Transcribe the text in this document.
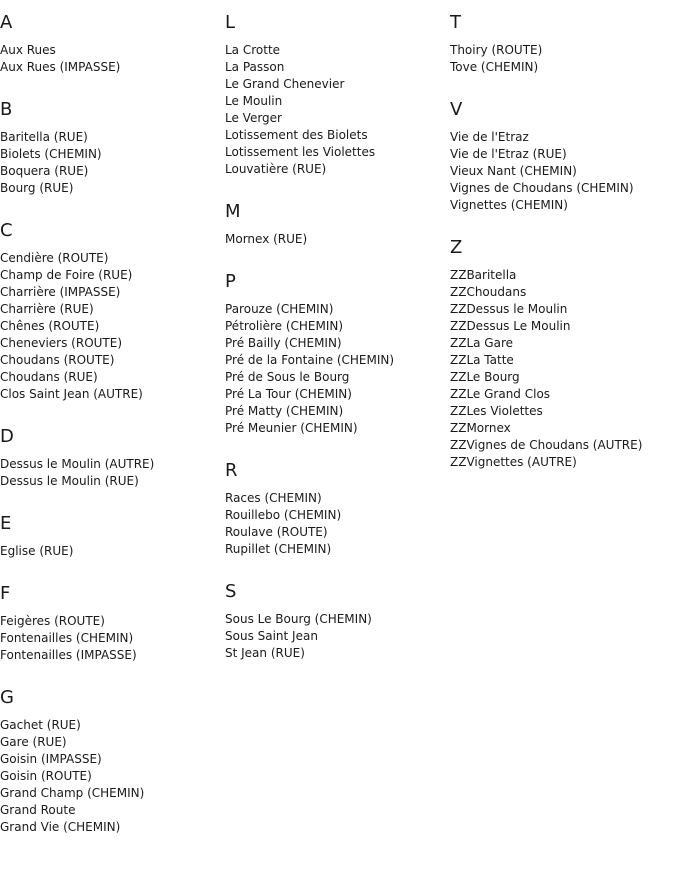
A
Aux Rues
Aux Rues (IMPASSE)
B
Baritella (RUE)
Biolets (CHEMIN)
Boquera (RUE)
Bourg (RUE)
C
Cendière (ROUTE)
Champ de Foire (RUE)
Charrière (IMPASSE)
Charrière (RUE)
Chênes (ROUTE)
Cheneviers (ROUTE)
Choudans (ROUTE)
Choudans (RUE)
Clos Saint Jean (AUTRE)
D
Dessus le Moulin (AUTRE)
Dessus le Moulin (RUE)
E
Eglise (RUE)
F
Feigères (ROUTE)
Fontenailles (CHEMIN)
Fontenailles (IMPASSE)
G
Gachet (RUE)
Gare (RUE)
Goisin (IMPASSE)
Goisin (ROUTE)
Grand Champ (CHEMIN)
Grand Route
Grand Vie (CHEMIN)
L
La Crotte
La Passon
Le Grand Chenevier
Le Moulin
Le Verger
Lotissement des Biolets
Lotissement les Violettes
Louvatière (RUE)
M
Mornex (RUE)
P
Parouze (CHEMIN)
Pétrolière (CHEMIN)
Pré Bailly (CHEMIN)
Pré de la Fontaine (CHEMIN)
Pré de Sous le Bourg
Pré La Tour (CHEMIN)
Pré Matty (CHEMIN)
Pré Meunier (CHEMIN)
R
Races (CHEMIN)
Rouillebo (CHEMIN)
Roulave (ROUTE)
Rupillet (CHEMIN)
S
Sous Le Bourg (CHEMIN)
Sous Saint Jean
St Jean (RUE)
T
Thoiry (ROUTE)
Tove (CHEMIN)
V
Vie de l'Etraz
Vie de l'Etraz (RUE)
Vieux Nant (CHEMIN)
Vignes de Choudans (CHEMIN)
Vignettes (CHEMIN)
Z
ZZBaritella
ZZChoudans
ZZDessus le Moulin
ZZDessus Le Moulin
ZZLa Gare
ZZLa Tatte
ZZLe Bourg
ZZLe Grand Clos
ZZLes Violettes
ZZMornex
ZZVignes de Choudans (AUTRE)
ZZVignettes (AUTRE)
